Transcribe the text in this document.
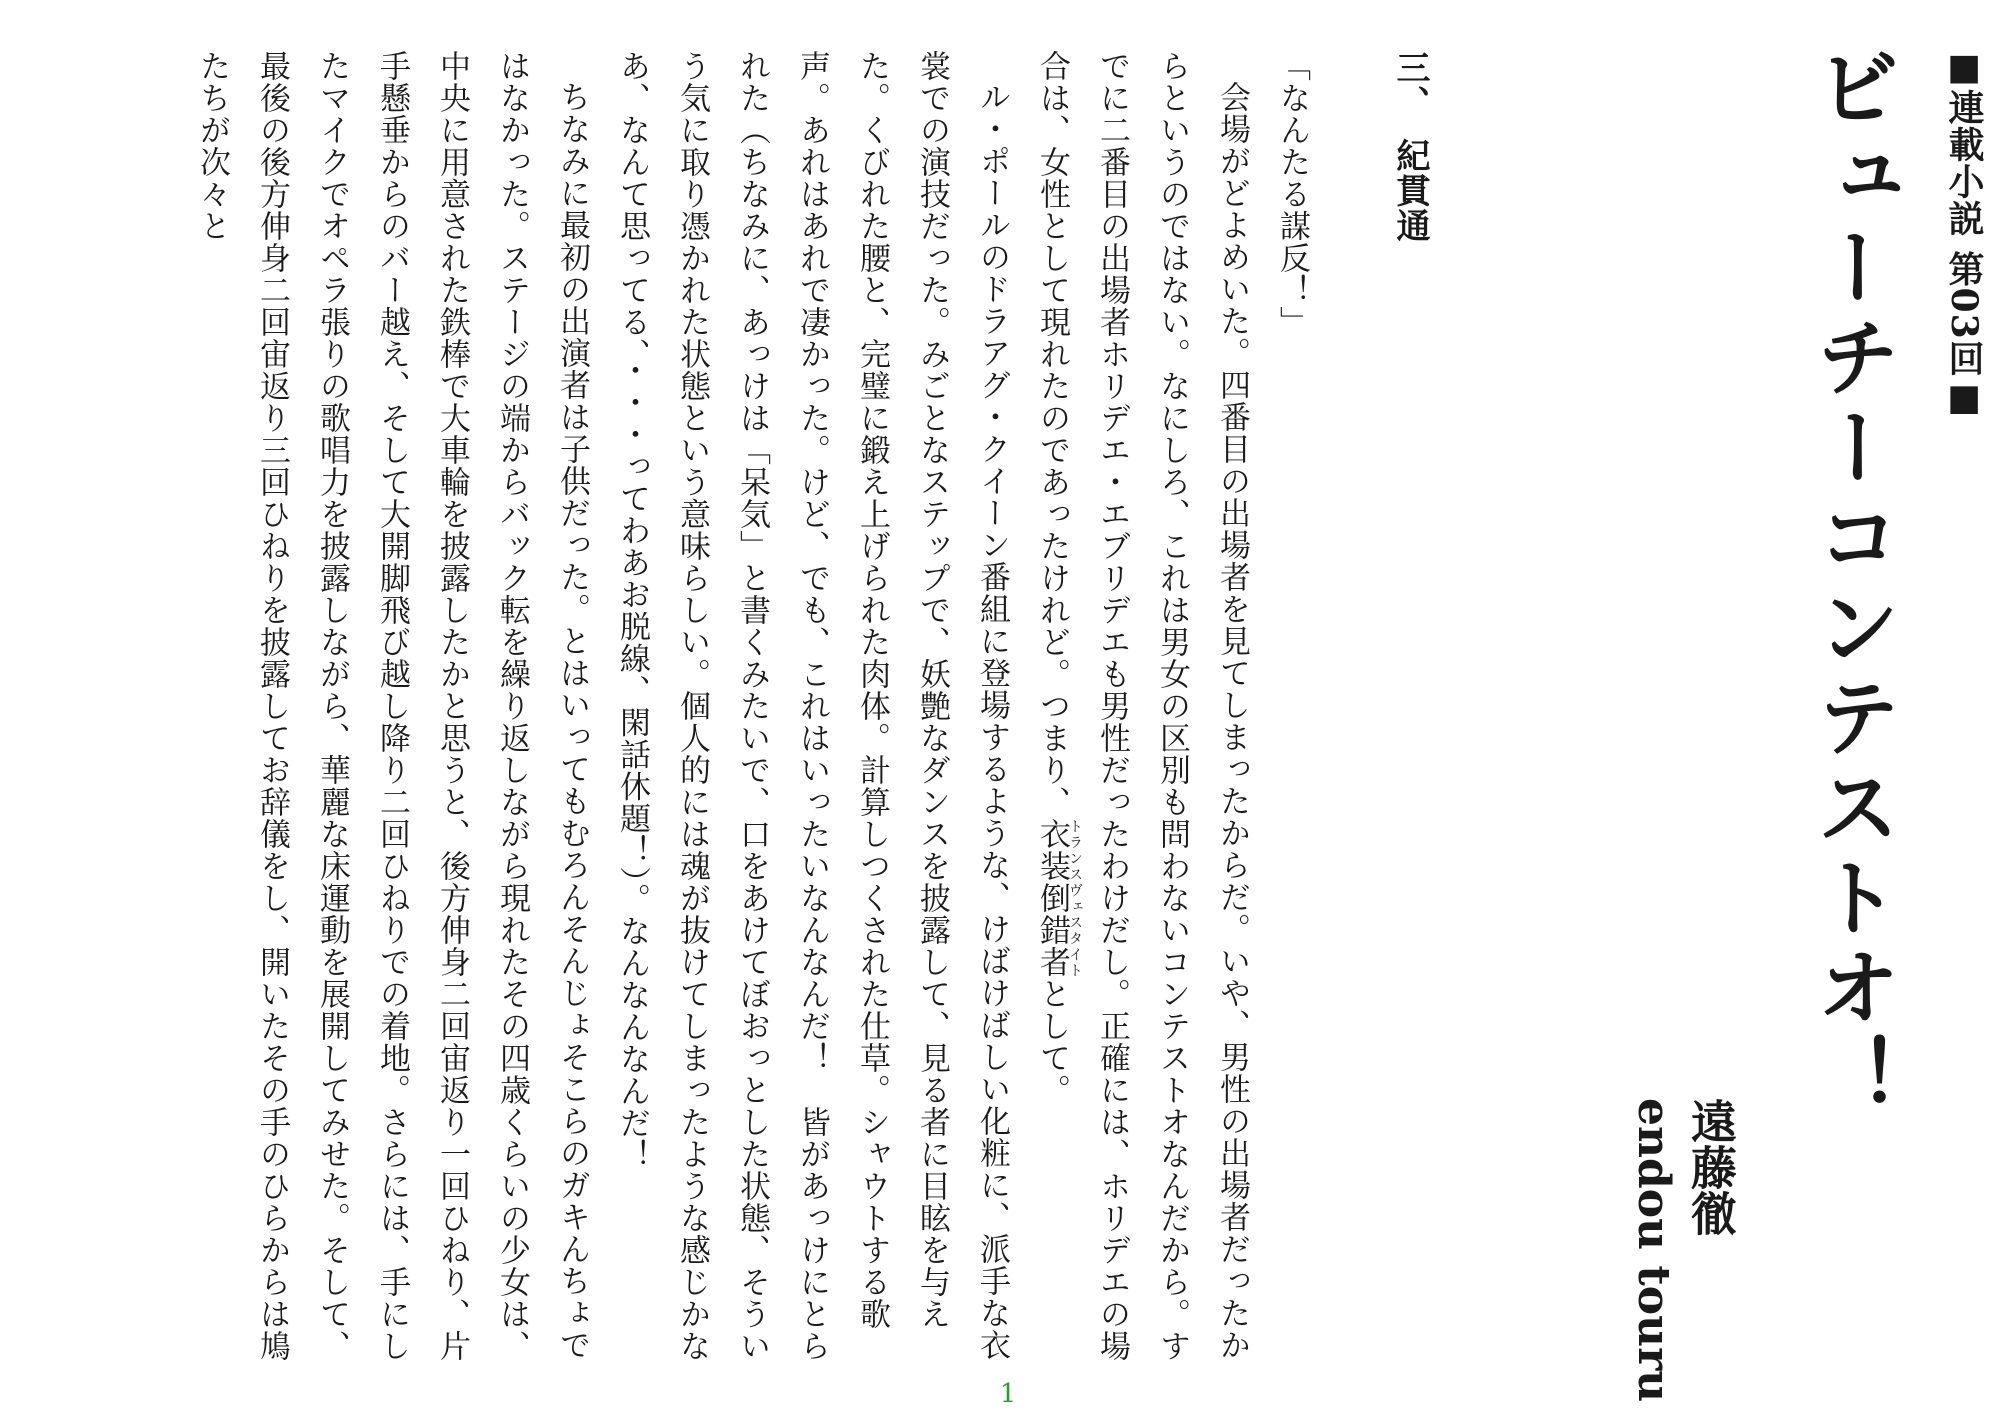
■連載小説 第03回■
ビューチーコンテストオ！
遠藤徹
endou touru

三、紀貫通

「なんたる謀反！」

会場がどよめいた。四番目の出場者を見てしまったからだ。いや、男性の出場者だったからというのではない。なにしろ、これは男女の区別も問わないコンテストオなんだから。すでに二番目の出場者ホリデエ・エブリデエも男性だったわけだし。正確には、ホリデエの場合は、女性として現れたのであったけれど。つまり、衣装倒錯者トランスヴェスタイトとして。

ル・ポールのドラアグ・クイーン番組に登場するような、けばけばしい化粧に、派手な衣裳での演技だった。みごとなステップで、妖艶なダンスを披露して、見る者に目眩を与えた。くびれた腰と、完璧に鍛え上げられた肉体。計算しつくされた仕草。シャウトする歌声。あれはあれで凄かった。けど、でも、これはいったいなんなんだ！　皆があっけにとられた（ちなみに、あっけは「呆気」と書くみたいで、口をあけてぼおっとした状態、そういう気に取り憑かれた状態という意味らしい。個人的には魂が抜けてしまったような感じかなあ、なんて思ってる、・・・ってわあお脱線、閑話休題！）。なんなんなんだ！

ちなみに最初の出演者は子供だった。とはいってもむろんそんじょそこらのガキんちょではなかった。ステージの端からバック転を繰り返しながら現れたその四歳くらいの少女は、中央に用意された鉄棒で大車輪を披露したかと思うと、後方伸身二回宙返り一回ひねり、片手懸垂からのバー越え、そして大開脚飛び越し降り二回ひねりでの着地。さらには、手にしたマイクでオペラ張りの歌唱力を披露しながら、華麗な床運動を展開してみせた。そして、最後の後方伸身二回宙返り三回ひねりを披露してお辞儀をし、開いたその手のひらからは鳩たちが次々と

1
